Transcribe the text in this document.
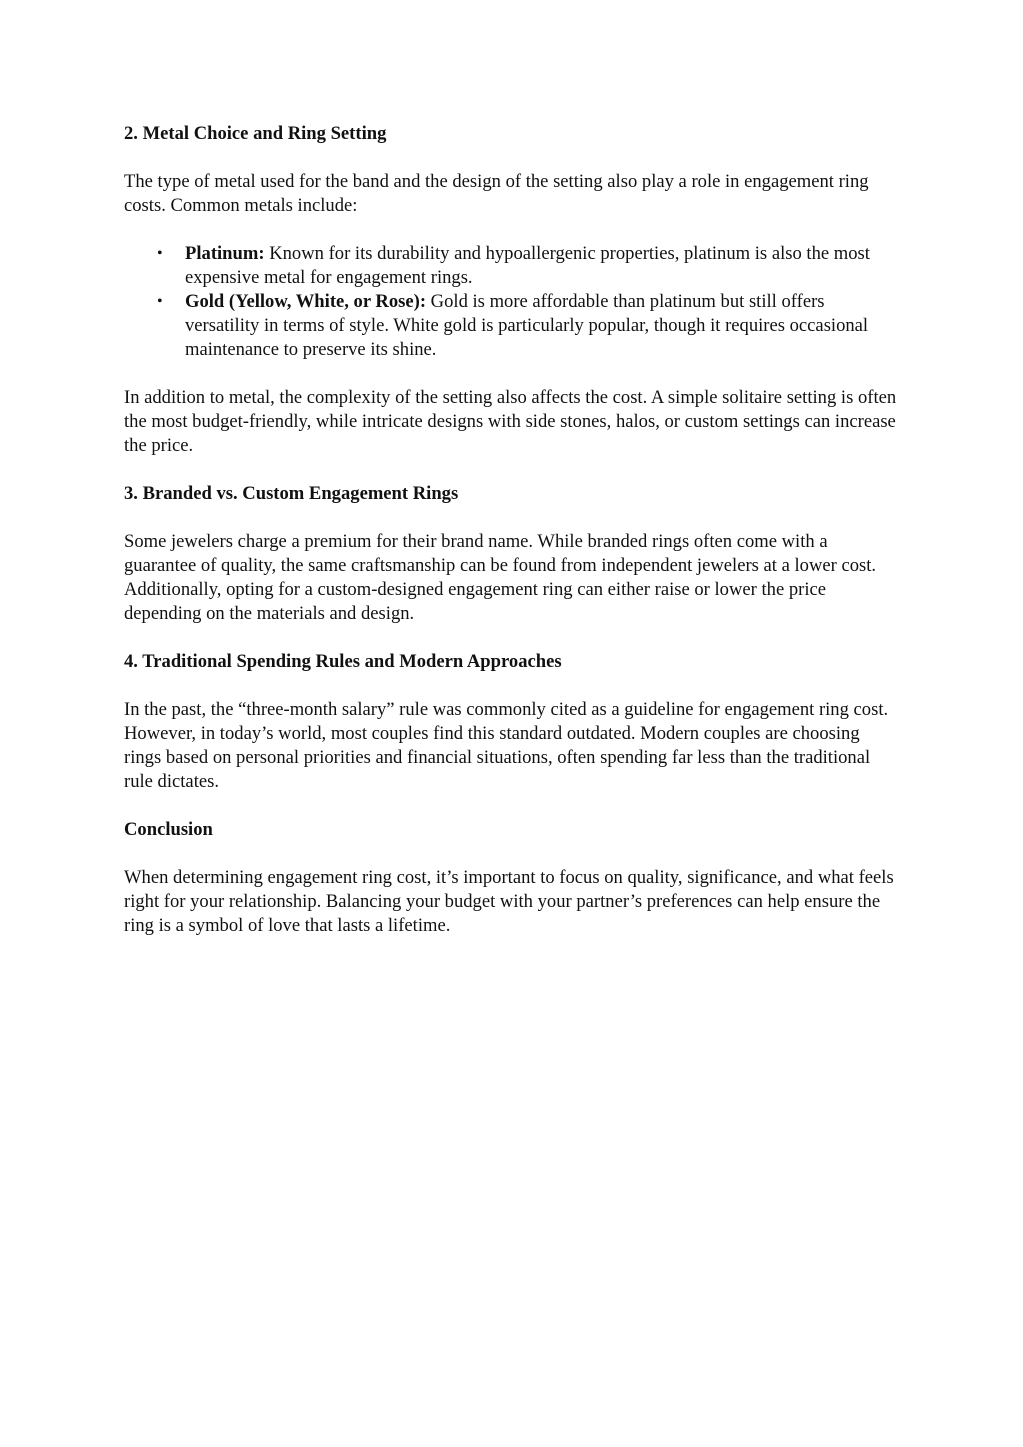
2. Metal Choice and Ring Setting

The type of metal used for the band and the design of the setting also play a role in engagement ring costs. Common metals include:

• Platinum: Known for its durability and hypoallergenic properties, platinum is also the most expensive metal for engagement rings.
• Gold (Yellow, White, or Rose): Gold is more affordable than platinum but still offers versatility in terms of style. White gold is particularly popular, though it requires occasional maintenance to preserve its shine.

In addition to metal, the complexity of the setting also affects the cost. A simple solitaire setting is often the most budget-friendly, while intricate designs with side stones, halos, or custom settings can increase the price.

3. Branded vs. Custom Engagement Rings

Some jewelers charge a premium for their brand name. While branded rings often come with a guarantee of quality, the same craftsmanship can be found from independent jewelers at a lower cost. Additionally, opting for a custom-designed engagement ring can either raise or lower the price depending on the materials and design.

4. Traditional Spending Rules and Modern Approaches

In the past, the “three-month salary” rule was commonly cited as a guideline for engagement ring cost. However, in today’s world, most couples find this standard outdated. Modern couples are choosing rings based on personal priorities and financial situations, often spending far less than the traditional rule dictates.

Conclusion

When determining engagement ring cost, it’s important to focus on quality, significance, and what feels right for your relationship. Balancing your budget with your partner’s preferences can help ensure the ring is a symbol of love that lasts a lifetime.
